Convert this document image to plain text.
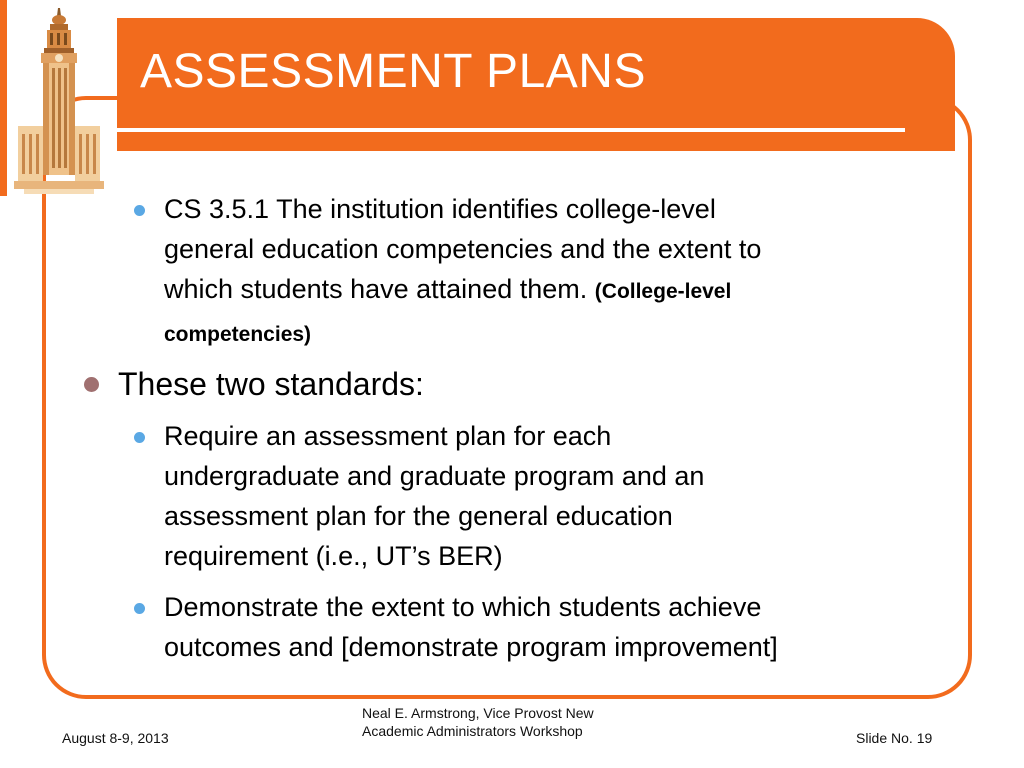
ASSESSMENT PLANS
CS 3.5.1 The institution identifies college-level
general education competencies and the extent to
which students have attained them. (College-level
competencies)
These two standards:
Require an assessment plan for each
undergraduate and graduate program and an
assessment plan for the general education
requirement (i.e., UT’s BER)
Demonstrate the extent to which students achieve
outcomes and [demonstrate program improvement]
August 8-9, 2013
Neal E. Armstrong, Vice Provost New
Academic Administrators Workshop	Slide No. 19
